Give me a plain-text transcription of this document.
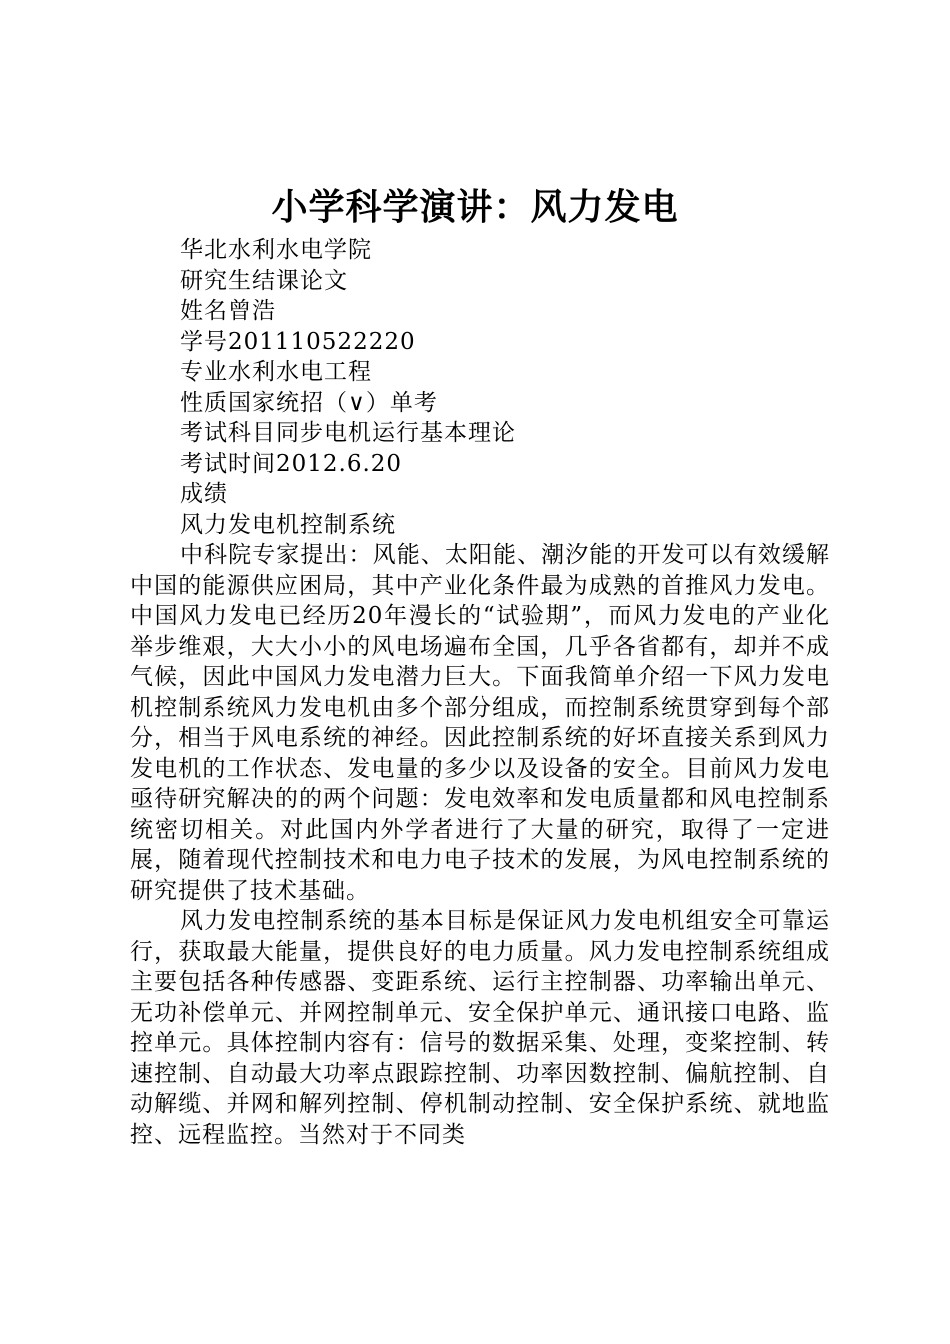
小学科学演讲：风力发电
华北水利水电学院
研究生结课论文
姓名曾浩
学号201110522220
专业水利水电工程
性质国家统招（∨）单考
考试科目同步电机运行基本理论
考试时间2012.6.20
成绩
风力发电机控制系统

中科院专家提出：风能、太阳能、潮汐能的开发可以有效缓解中国的能源供应困局，其中产业化条件最为成熟的首推风力发电。中国风力发电已经历20年漫长的“试验期”，而风力发电的产业化举步维艰，大大小小的风电场遍布全国，几乎各省都有，却并不成气候，因此中国风力发电潜力巨大。下面我简单介绍一下风力发电机控制系统风力发电机由多个部分组成，而控制系统贯穿到每个部分，相当于风电系统的神经。因此控制系统的好坏直接关系到风力发电机的工作状态、发电量的多少以及设备的安全。目前风力发电亟待研究解决的的两个问题：发电效率和发电质量都和风电控制系统密切相关。对此国内外学者进行了大量的研究，取得了一定进展，随着现代控制技术和电力电子技术的发展，为风电控制系统的研究提供了技术基础。

风力发电控制系统的基本目标是保证风力发电机组安全可靠运行，获取最大能量，提供良好的电力质量。风力发电控制系统组成主要包括各种传感器、变距系统、运行主控制器、功率输出单元、无功补偿单元、并网控制单元、安全保护单元、通讯接口电路、监控单元。具体控制内容有：信号的数据采集、处理，变桨控制、转速控制、自动最大功率点跟踪控制、功率因数控制、偏航控制、自动解缆、并网和解列控制、停机制动控制、安全保护系统、就地监控、远程监控。当然对于不同类
